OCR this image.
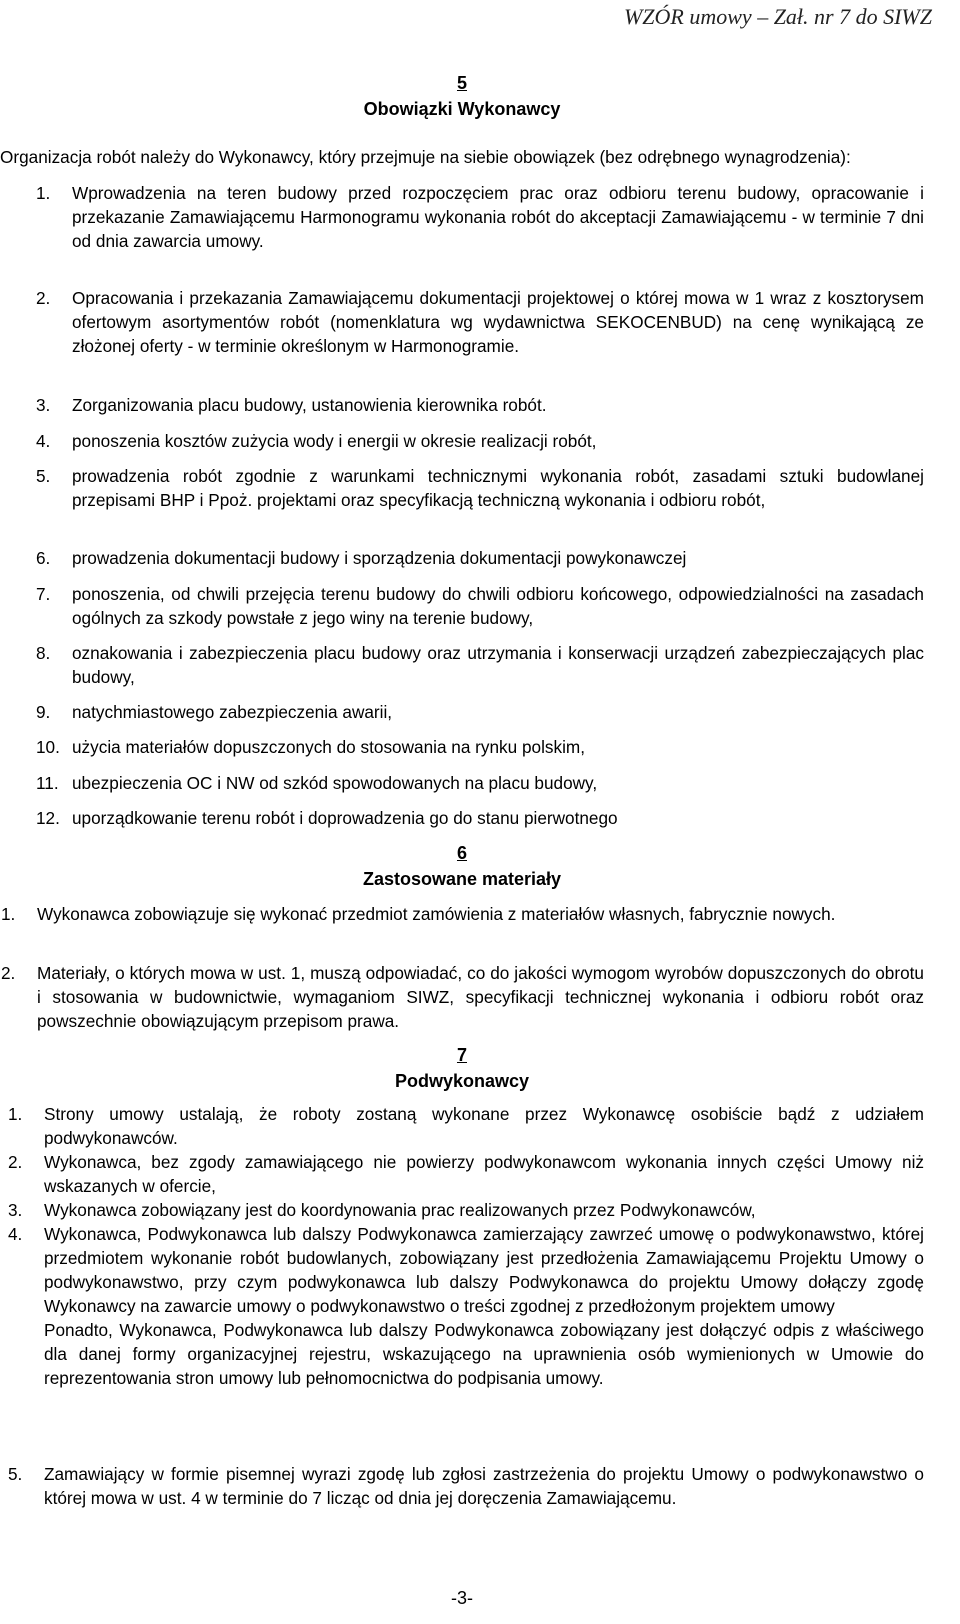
WZÓR umowy – Zał. nr 7 do SIWZ
5
Obowiązki Wykonawcy
Organizacja robót należy do Wykonawcy, który przejmuje na siebie obowiązek (bez odrębnego wynagrodzenia):
1. Wprowadzenia na teren budowy przed rozpoczęciem prac oraz odbioru terenu budowy, opracowanie i przekazanie Zamawiającemu Harmonogramu wykonania robót do akceptacji Zamawiającemu - w terminie 7 dni od dnia zawarcia umowy.
2. Opracowania i przekazania Zamawiającemu dokumentacji projektowej o której mowa w 1 wraz z kosztorysem ofertowym asortymentów robót (nomenklatura wg wydawnictwa SEKOCENBUD) na cenę wynikającą ze złożonej oferty - w terminie określonym w Harmonogramie.
3. Zorganizowania placu budowy, ustanowienia kierownika robót.
4. ponoszenia kosztów zużycia wody i energii w okresie realizacji robót,
5. prowadzenia robót zgodnie z warunkami technicznymi wykonania robót, zasadami sztuki budowlanej przepisami BHP i Ppoż. projektami oraz specyfikacją techniczną wykonania i odbioru robót,
6. prowadzenia dokumentacji budowy i sporządzenia dokumentacji powykonawczej
7. ponoszenia, od chwili przejęcia terenu budowy do chwili odbioru końcowego, odpowiedzialności na zasadach ogólnych za szkody powstałe z jego winy na terenie budowy,
8. oznakowania i zabezpieczenia placu budowy oraz utrzymania i konserwacji urządzeń zabezpieczających plac budowy,
9. natychmiastowego zabezpieczenia awarii,
10. użycia materiałów dopuszczonych do stosowania na rynku polskim,
11. ubezpieczenia OC i NW od szkód spowodowanych na placu budowy,
12. uporządkowanie terenu robót i doprowadzenia go do stanu pierwotnego
6
Zastosowane materiały
1. Wykonawca zobowiązuje się wykonać przedmiot zamówienia z materiałów własnych, fabrycznie nowych.
2. Materiały, o których mowa w ust. 1, muszą odpowiadać, co do jakości wymogom wyrobów dopuszczonych do obrotu i stosowania w budownictwie, wymaganiom SIWZ, specyfikacji technicznej wykonania i odbioru robót oraz powszechnie obowiązującym przepisom prawa.
7
Podwykonawcy
1. Strony umowy ustalają, że roboty zostaną wykonane przez Wykonawcę osobiście bądź z udziałem podwykonawców.
2. Wykonawca, bez zgody zamawiającego nie powierzy podwykonawcom wykonania innych części Umowy niż wskazanych w ofercie,
3. Wykonawca zobowiązany jest do koordynowania prac realizowanych przez Podwykonawców,
4. Wykonawca, Podwykonawca lub dalszy Podwykonawca zamierzający zawrzeć umowę o podwykonawstwo, której przedmiotem wykonanie robót budowlanych, zobowiązany jest przedłożenia Zamawiającemu Projektu Umowy o podwykonawstwo, przy czym podwykonawca lub dalszy Podwykonawca do projektu Umowy dołączy zgodę Wykonawcy na zawarcie umowy o podwykonawstwo o treści zgodnej z przedłożonym projektem umowy
Ponadto, Wykonawca, Podwykonawca lub dalszy Podwykonawca zobowiązany jest dołączyć odpis z właściwego dla danej formy organizacyjnej rejestru, wskazującego na uprawnienia osób wymienionych w Umowie do reprezentowania stron umowy lub pełnomocnictwa do podpisania umowy.
5. Zamawiający w formie pisemnej wyrazi zgodę lub zgłosi zastrzeżenia do projektu Umowy o podwykonawstwo o której mowa w ust. 4 w terminie do 7 licząc od dnia jej doręczenia Zamawiającemu.
-3-
